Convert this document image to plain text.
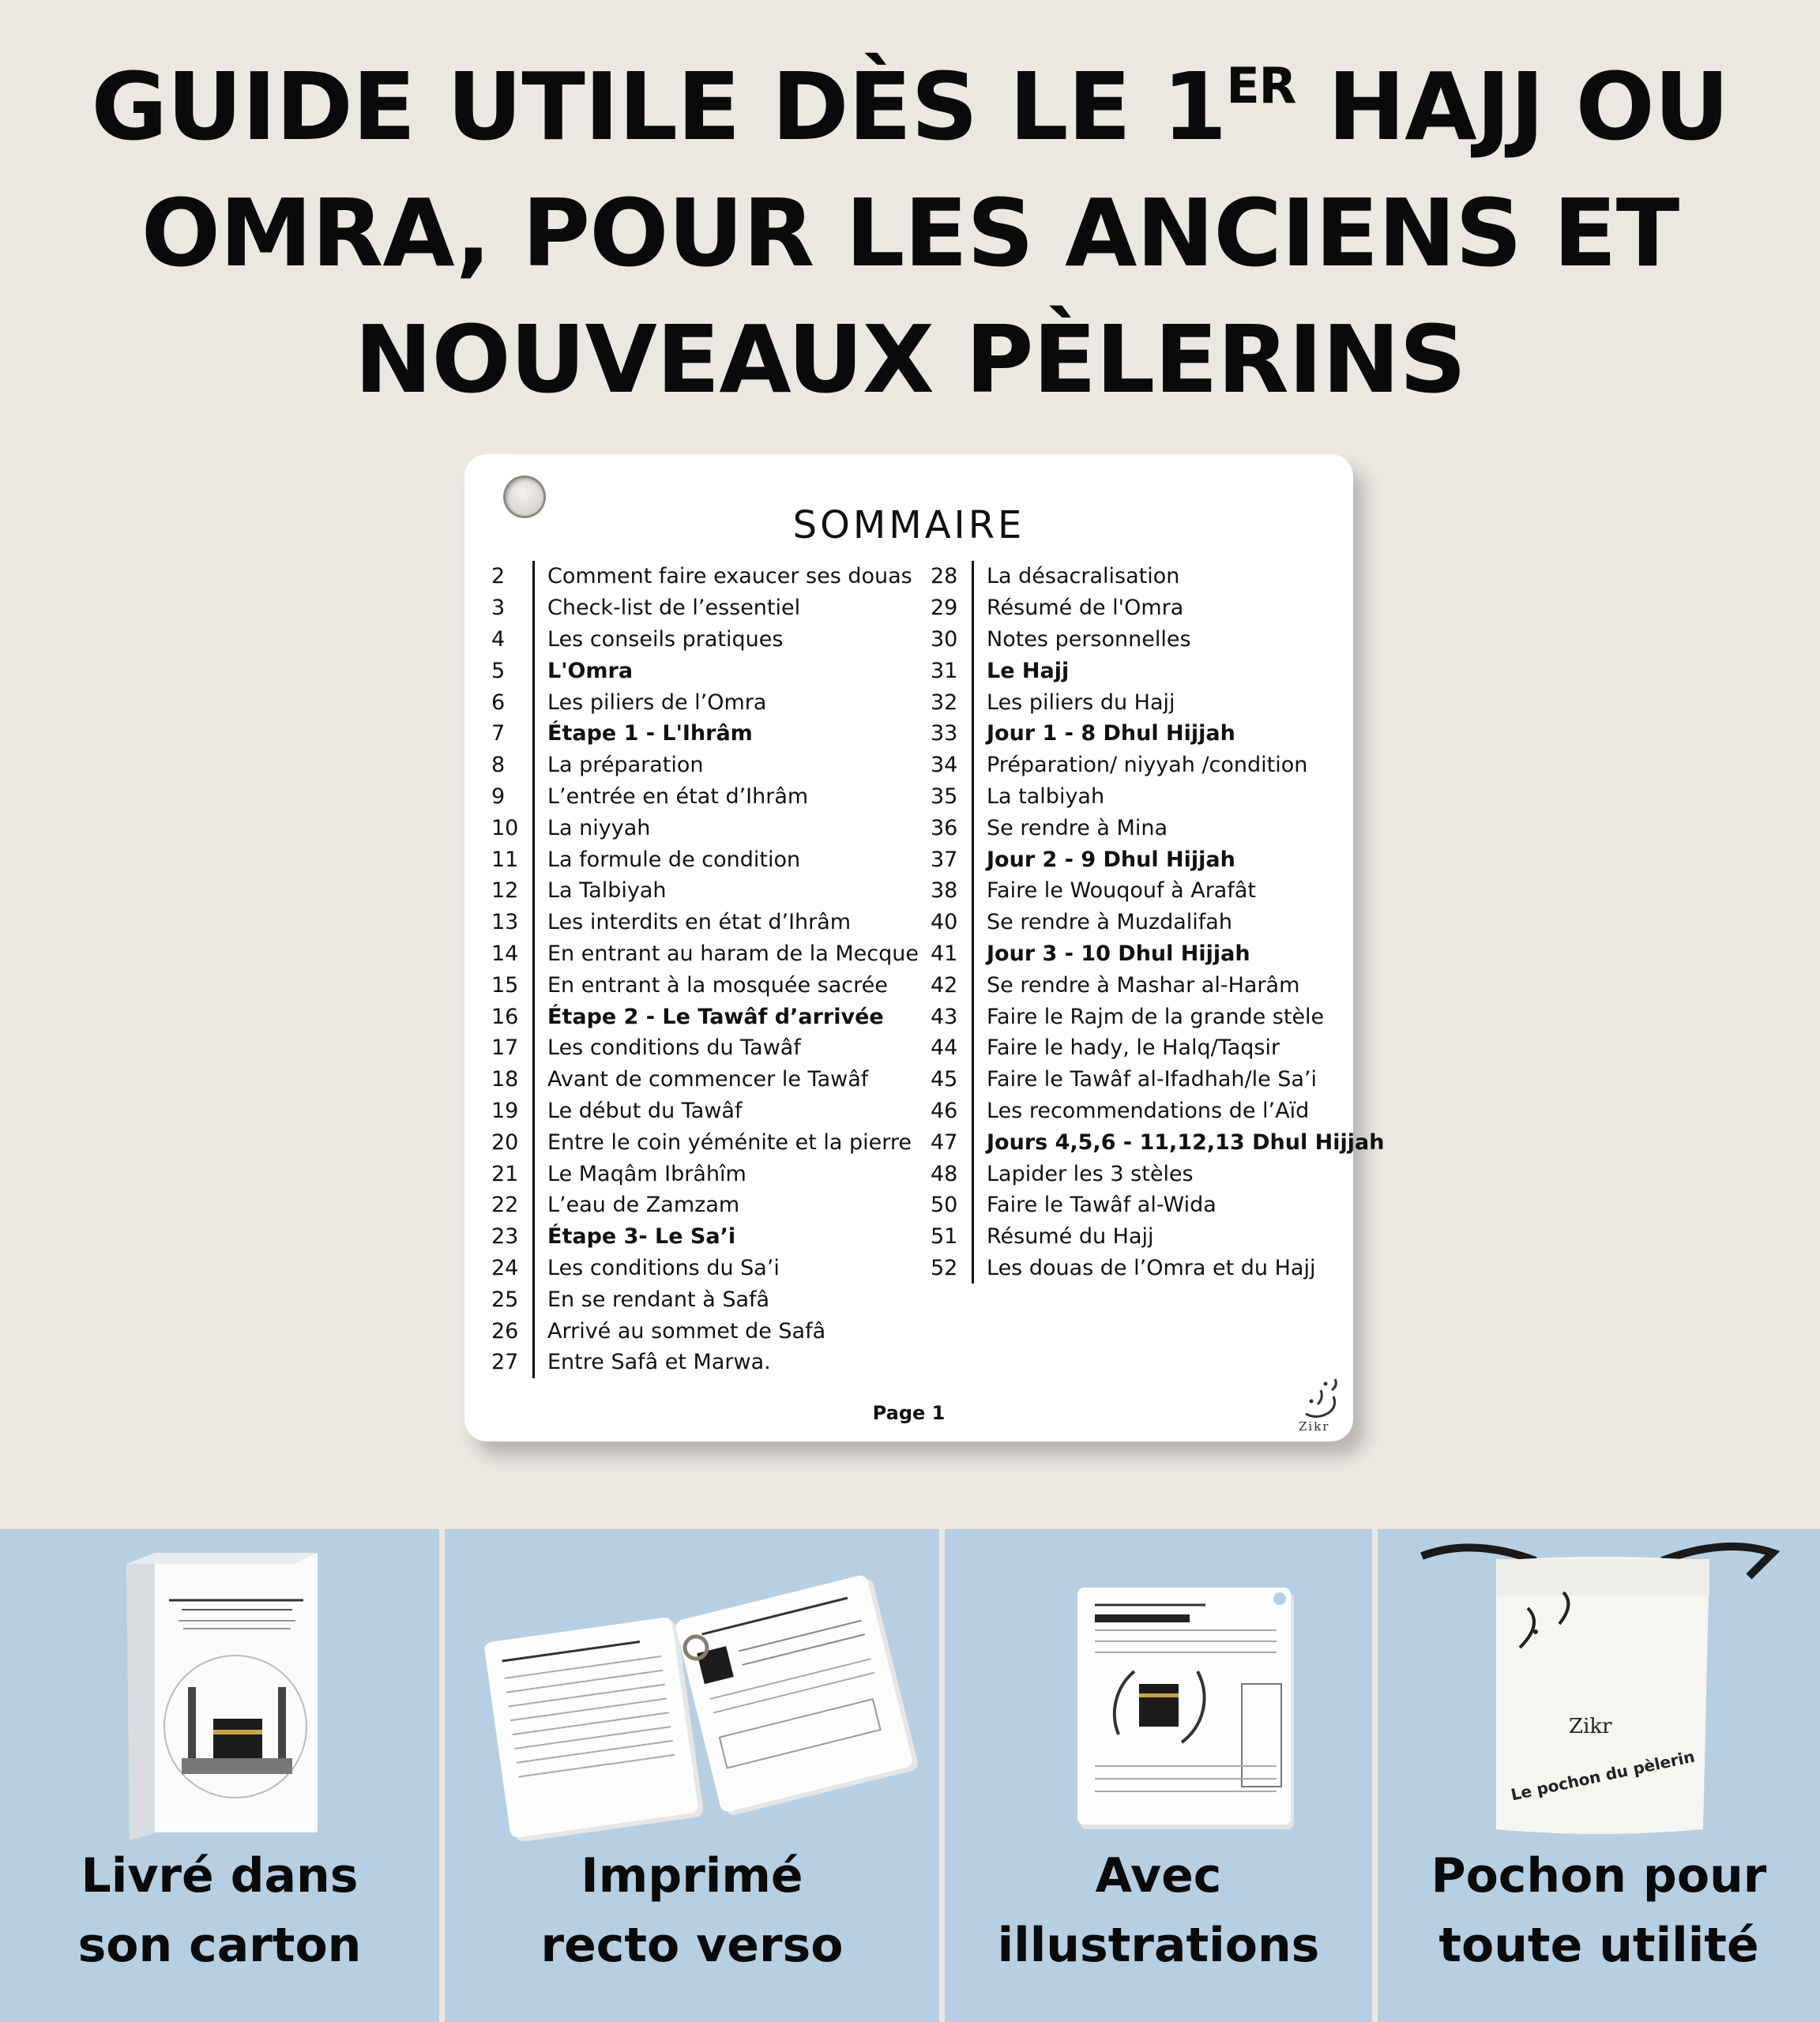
GUIDE UTILE DÈS LE 1ER HAJJ OU
OMRA, POUR LES ANCIENS ET
NOUVEAUX PÈLERINS
SOMMAIRE
2	Comment faire exaucer ses douas
3	Check-list de l’essentiel
4	Les conseils pratiques
5	L'Omra
6	Les piliers de l’Omra
7	Étape 1 - L'Ihrâm
8	La préparation
9	L’entrée en état d’Ihrâm
10	La niyyah
11	La formule de condition
12	La Talbiyah
13	Les interdits en état d’Ihrâm
14	En entrant au haram de la Mecque
15	En entrant à la mosquée sacrée
16	Étape 2 - Le Tawâf d’arrivée
17	Les conditions du Tawâf
18	Avant de commencer le Tawâf
19	Le début du Tawâf
20	Entre le coin yéménite et la pierre
21	Le Maqâm Ibrâhîm
22	L’eau de Zamzam
23	Étape 3- Le Sa’i
24	Les conditions du Sa’i
25	En se rendant à Safâ
26	Arrivé au sommet de Safâ
27	Entre Safâ et Marwa.
28	La désacralisation
29	Résumé de l'Omra
30	Notes personnelles
31	Le Hajj
32	Les piliers du Hajj
33	Jour 1 - 8 Dhul Hijjah
34	Préparation/ niyyah /condition
35	La talbiyah
36	Se rendre à Mina
37	Jour 2 - 9 Dhul Hijjah
38	Faire le Wouqouf à Arafât
40	Se rendre à Muzdalifah
41	Jour 3 - 10 Dhul Hijjah
42	Se rendre à Mashar al-Harâm
43	Faire le Rajm de la grande stèle
44	Faire le hady, le Halq/Taqsir
45	Faire le Tawâf al-Ifadhah/le Sa’i
46	Les recommendations de l’Aïd
47	Jours 4,5,6 - 11,12,13 Dhul Hijjah
48	Lapider les 3 stèles
50	Faire le Tawâf al-Wida
51	Résumé du Hajj
52	Les douas de l’Omra et du Hajj
Page 1
Zikr
Livré dans
son carton
Imprimé
recto verso
Avec
illustrations
Zikr
Le pochon du pèlerin
Pochon pour
toute utilité
